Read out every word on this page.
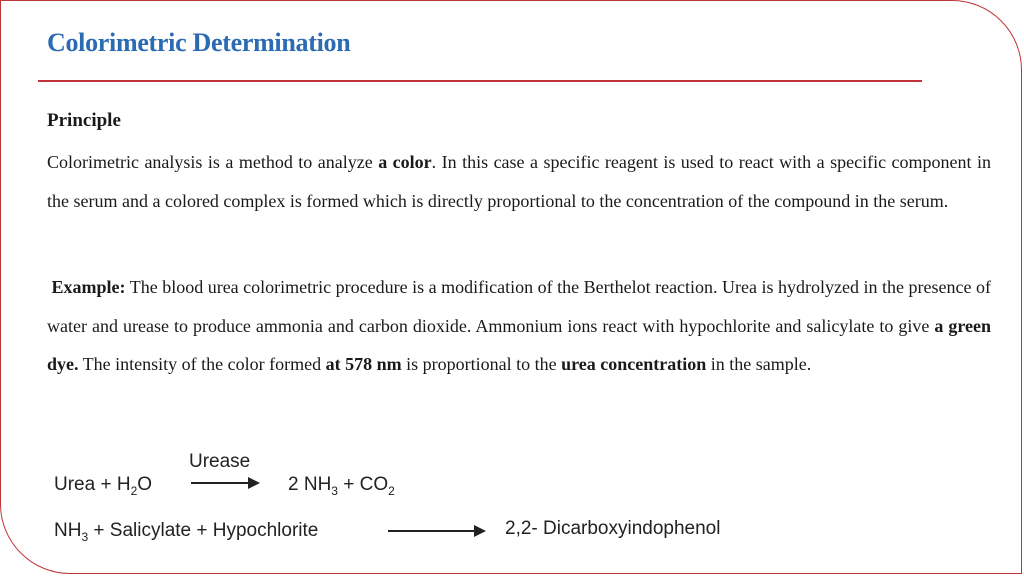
Colorimetric Determination
Principle
Colorimetric analysis is a method to analyze a color. In this case a specific reagent is used to react with a specific component in the serum and a colored complex is formed which is directly proportional to the concentration of the compound in the serum.
Example: The blood urea colorimetric procedure is a modification of the Berthelot reaction. Urea is hydrolyzed in the presence of water and urease to produce ammonia and carbon dioxide. Ammonium ions react with hypochlorite and salicylate to give a green dye. The intensity of the color formed at 578 nm is proportional to the urea concentration in the sample.
Urea + $H_2O$
Urease
2 $NH_3 + CO_2$
$NH_3$ + Salicylate + Hypochlorite	2,2- Dicarboxyindophenol
